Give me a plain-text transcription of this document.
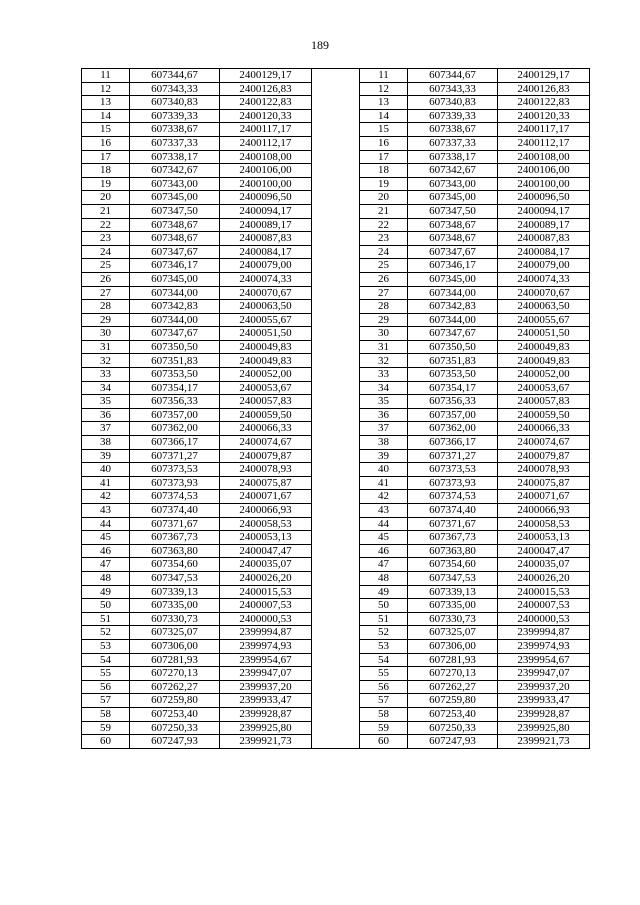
189
11	607344,67	2400129,17		11	607344,67	2400129,17
12	607343,33	2400126,83		12	607343,33	2400126,83
13	607340,83	2400122,83		13	607340,83	2400122,83
14	607339,33	2400120,33		14	607339,33	2400120,33
15	607338,67	2400117,17		15	607338,67	2400117,17
16	607337,33	2400112,17		16	607337,33	2400112,17
17	607338,17	2400108,00		17	607338,17	2400108,00
18	607342,67	2400106,00		18	607342,67	2400106,00
19	607343,00	2400100,00		19	607343,00	2400100,00
20	607345,00	2400096,50		20	607345,00	2400096,50
21	607347,50	2400094,17		21	607347,50	2400094,17
22	607348,67	2400089,17		22	607348,67	2400089,17
23	607348,67	2400087,83		23	607348,67	2400087,83
24	607347,67	2400084,17		24	607347,67	2400084,17
25	607346,17	2400079,00		25	607346,17	2400079,00
26	607345,00	2400074,33		26	607345,00	2400074,33
27	607344,00	2400070,67		27	607344,00	2400070,67
28	607342,83	2400063,50		28	607342,83	2400063,50
29	607344,00	2400055,67		29	607344,00	2400055,67
30	607347,67	2400051,50		30	607347,67	2400051,50
31	607350,50	2400049,83		31	607350,50	2400049,83
32	607351,83	2400049,83		32	607351,83	2400049,83
33	607353,50	2400052,00		33	607353,50	2400052,00
34	607354,17	2400053,67		34	607354,17	2400053,67
35	607356,33	2400057,83		35	607356,33	2400057,83
36	607357,00	2400059,50		36	607357,00	2400059,50
37	607362,00	2400066,33		37	607362,00	2400066,33
38	607366,17	2400074,67		38	607366,17	2400074,67
39	607371,27	2400079,87		39	607371,27	2400079,87
40	607373,53	2400078,93		40	607373,53	2400078,93
41	607373,93	2400075,87		41	607373,93	2400075,87
42	607374,53	2400071,67		42	607374,53	2400071,67
43	607374,40	2400066,93		43	607374,40	2400066,93
44	607371,67	2400058,53		44	607371,67	2400058,53
45	607367,73	2400053,13		45	607367,73	2400053,13
46	607363,80	2400047,47		46	607363,80	2400047,47
47	607354,60	2400035,07		47	607354,60	2400035,07
48	607347,53	2400026,20		48	607347,53	2400026,20
49	607339,13	2400015,53		49	607339,13	2400015,53
50	607335,00	2400007,53		50	607335,00	2400007,53
51	607330,73	2400000,53		51	607330,73	2400000,53
52	607325,07	2399994,87		52	607325,07	2399994,87
53	607306,00	2399974,93		53	607306,00	2399974,93
54	607281,93	2399954,67		54	607281,93	2399954,67
55	607270,13	2399947,07		55	607270,13	2399947,07
56	607262,27	2399937,20		56	607262,27	2399937,20
57	607259,80	2399933,47		57	607259,80	2399933,47
58	607253,40	2399928,87		58	607253,40	2399928,87
59	607250,33	2399925,80		59	607250,33	2399925,80
60	607247,93	2399921,73		60	607247,93	2399921,73
